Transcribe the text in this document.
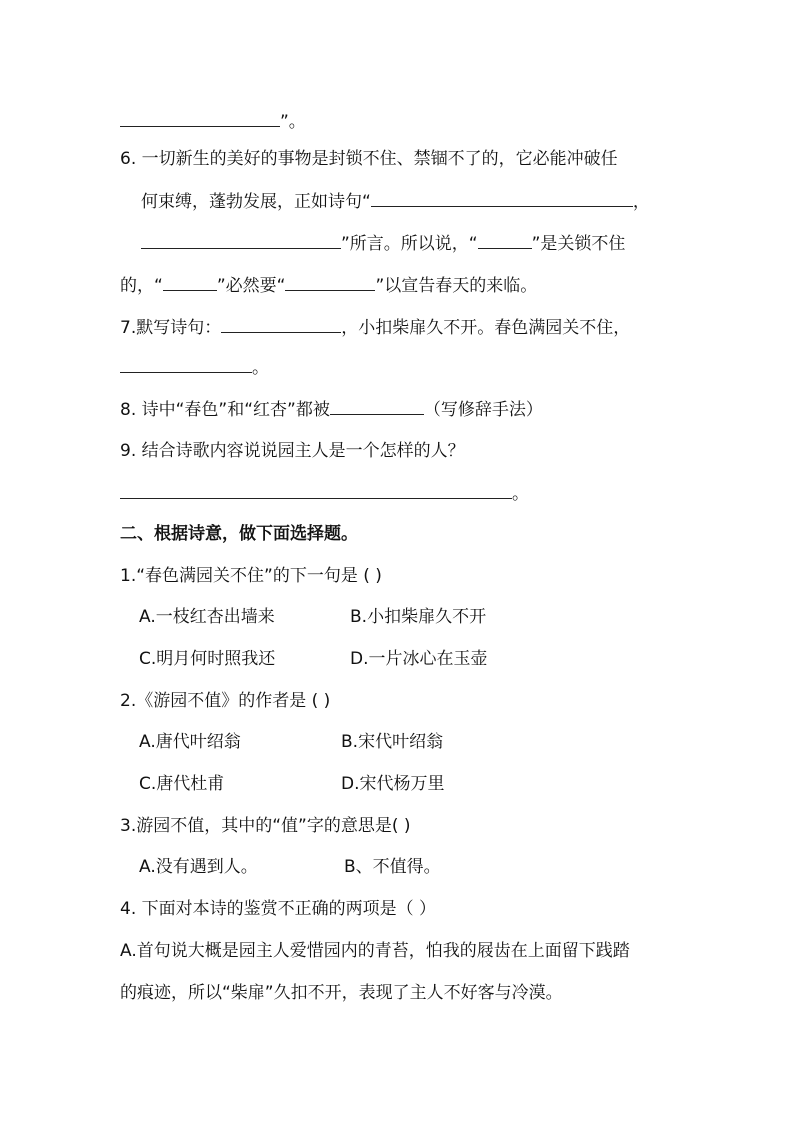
”。
6. 一切新生的美好的事物是封锁不住、禁锢不了的，它必能冲破任
何束缚，蓬勃发展，正如诗句“	，
”所言。所以说，“	”是关锁不住
的，“	”必然要“	”以宣告春天的来临。
7.默写诗句：	，小扣柴扉久不开。春色满园关不住，
。
8. 诗中“春色”和“红杏”都被	（写修辞手法）
9. 结合诗歌内容说说园主人是一个怎样的人？
。
二、根据诗意，做下面选择题。
1.“春色满园关不住”的下一句是 ( )
A.一枝红杏出墙来	B.小扣柴扉久不开
C.明月何时照我还	D.一片冰心在玉壶
2.《游园不值》的作者是 ( )
A.唐代叶绍翁	B.宋代叶绍翁
C.唐代杜甫	D.宋代杨万里
3.游园不值，其中的“值”字的意思是( )
A.没有遇到人。	B、不值得。
4. 下面对本诗的鉴赏不正确的两项是（ ）
A.首句说大概是园主人爱惜园内的青苔，怕我的屐齿在上面留下践踏
的痕迹，所以“柴扉”久扣不开，表现了主人不好客与冷漠。
